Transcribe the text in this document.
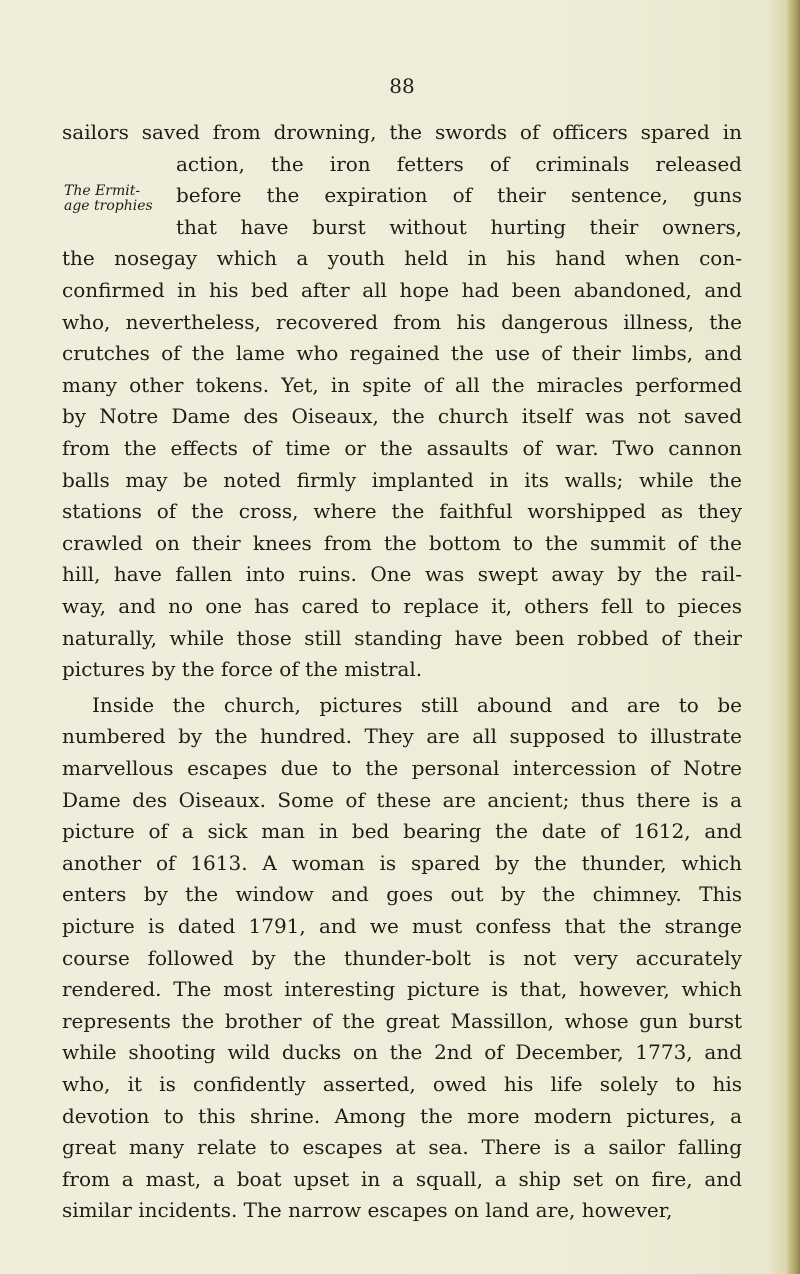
88
The Ermit-
age trophies
sailors saved from drowning, the swords of officers spared in
action, the iron fetters of criminals released
before the expiration of their sentence, guns
that have burst without hurting their owners,
the nosegay which a youth held in his hand when con-
confirmed in his bed after all hope had been abandoned, and
who, nevertheless, recovered from his dangerous illness, the
crutches of the lame who regained the use of their limbs, and
many other tokens. Yet, in spite of all the miracles performed
by Notre Dame des Oiseaux, the church itself was not saved
from the effects of time or the assaults of war. Two cannon
balls may be noted firmly implanted in its walls; while the
stations of the cross, where the faithful worshipped as they
crawled on their knees from the bottom to the summit of the
hill, have fallen into ruins. One was swept away by the rail-
way, and no one has cared to replace it, others fell to pieces
naturally, while those still standing have been robbed of their
pictures by the force of the mistral.
Inside the church, pictures still abound and are to be
numbered by the hundred. They are all supposed to illustrate
marvellous escapes due to the personal intercession of Notre
Dame des Oiseaux. Some of these are ancient; thus there is a
picture of a sick man in bed bearing the date of 1612, and
another of 1613. A woman is spared by the thunder, which
enters by the window and goes out by the chimney. This
picture is dated 1791, and we must confess that the strange
course followed by the thunder-bolt is not very accurately
rendered. The most interesting picture is that, however, which
represents the brother of the great Massillon, whose gun burst
while shooting wild ducks on the 2nd of December, 1773, and
who, it is confidently asserted, owed his life solely to his
devotion to this shrine. Among the more modern pictures, a
great many relate to escapes at sea. There is a sailor falling
from a mast, a boat upset in a squall, a ship set on fire, and
similar incidents. The narrow escapes on land are, however,
